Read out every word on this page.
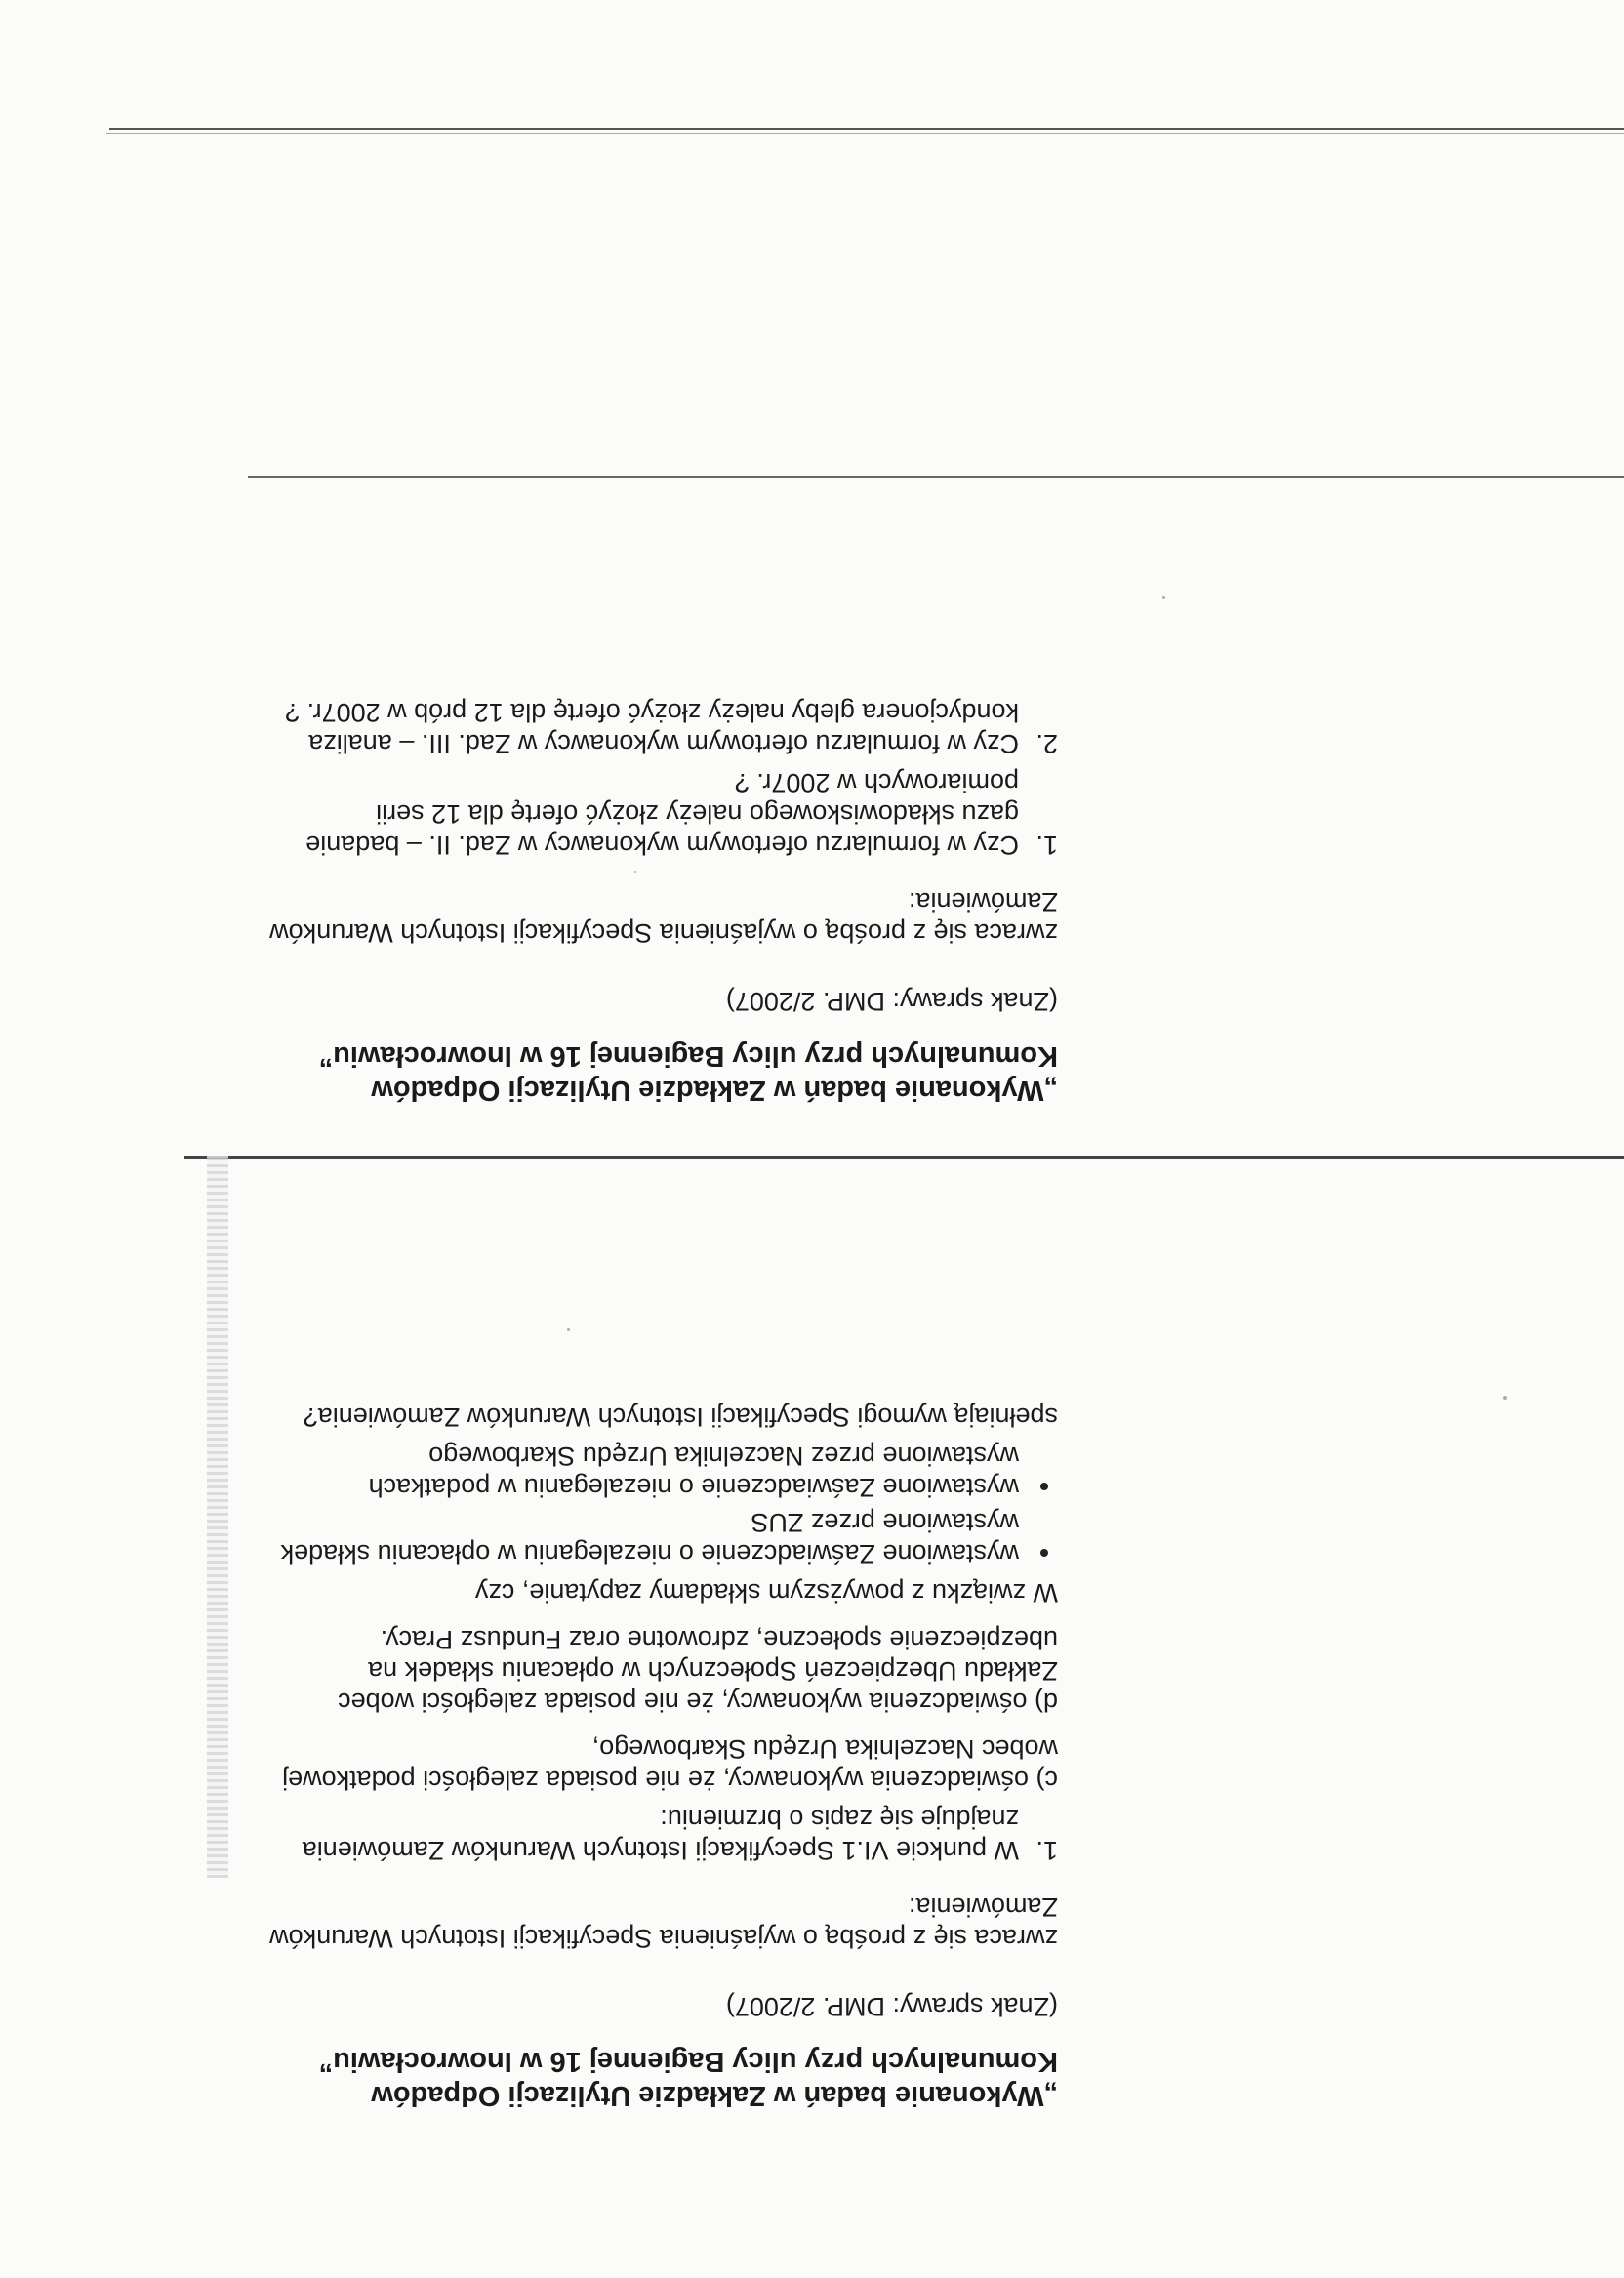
„Wykonanie badań w Zakładzie Utylizacji Odpadów
Komunalnych przy ulicy Bagiennej 16 w Inowrocławiu”

(Znak sprawy: DMP. 2/2007)

zwraca się z prośbą o wyjaśnienia Specyfikacji Istotnych Warunków
Zamówienia:

1.
W punkcie VI.1 Specyfikacji Istotnych Warunków Zamówienia
znajduje się zapis o brzmieniu:

c) oświadczenia wykonawcy, że nie posiada zaległości podatkowej
wobec Naczelnika Urzędu Skarbowego,

d) oświadczenia wykonawcy, że nie posiada zaległości wobec
Zakładu Ubezpieczeń Społecznych w opłacaniu składek na
ubezpieczenie społeczne, zdrowotne oraz Fundusz Pracy.

W związku z powyższym składamy zapytanie, czy

wystawione Zaświadczenie o niezaleganiu w opłacaniu składek
wystawione przez ZUS
wystawione Zaświadczenie o niezaleganiu w podatkach
wystawione przez Naczelnika Urzędu Skarbowego

spełniają wymogi Specyfikacji Istotnych Warunków Zamówienia?

„Wykonanie badań w Zakładzie Utylizacji Odpadów
Komunalnych przy ulicy Bagiennej 16 w Inowrocławiu”

(Znak sprawy: DMP. 2/2007)

zwraca się z prośbą o wyjaśnienia Specyfikacji Istotnych Warunków
Zamówienia:

1.
Czy w formularzu ofertowym wykonawcy w Zad. II. – badanie
gazu składowiskowego należy złożyć ofertę dla 12 serii
pomiarowych w 2007r. ?
2.
Czy w formularzu ofertowym wykonawcy w Zad. III. – analiza
kondycjonera gleby należy złożyć ofertę dla 12 prób w 2007r. ?
